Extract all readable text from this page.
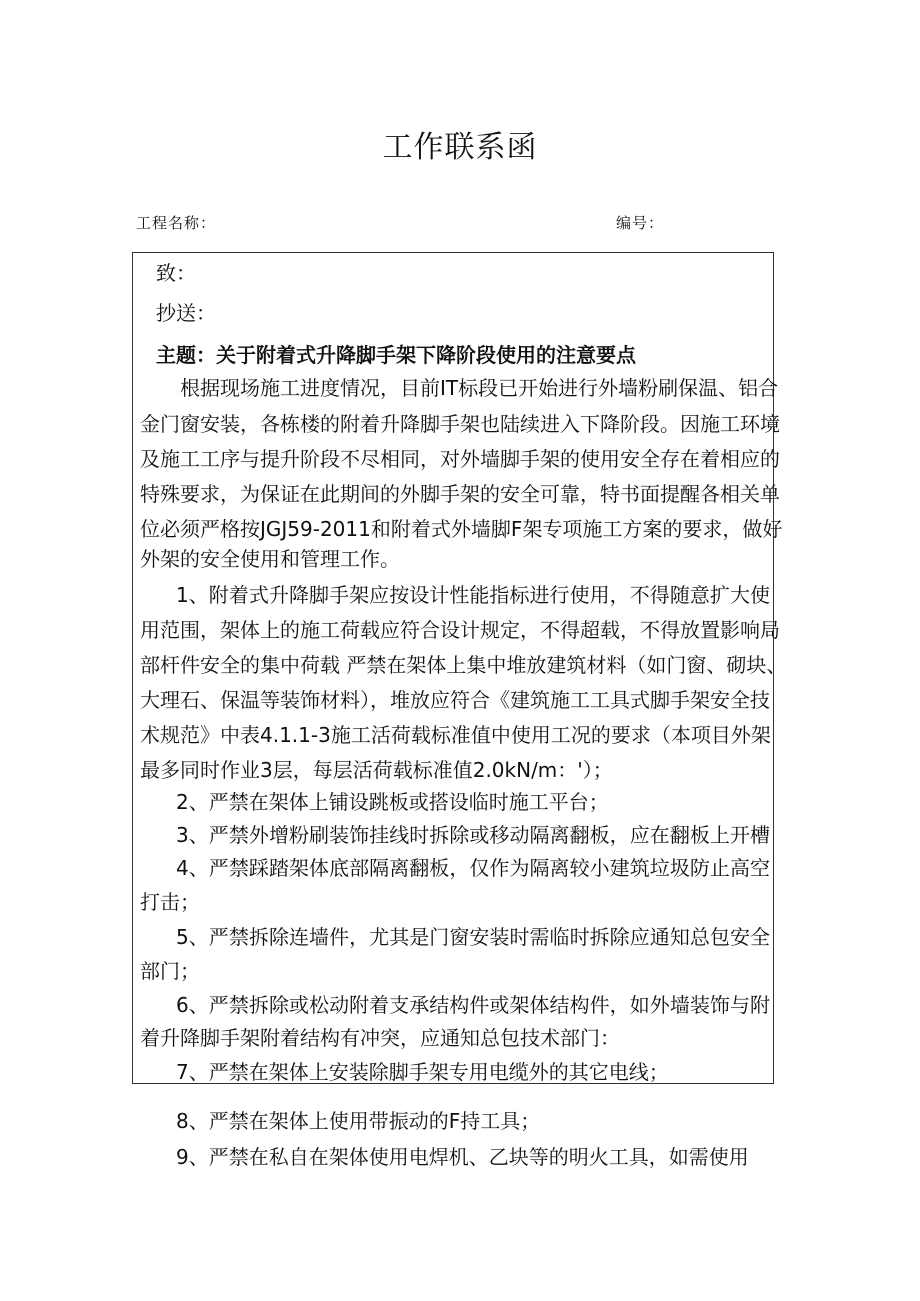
工作联系函
工程名称：	编号：
致：
抄送：
主题：关于附着式升降脚手架下降阶段使用的注意要点
根据现场施工进度情况，目前IT标段已开始进行外墙粉刷保温、铝合
金门窗安装，各栋楼的附着升降脚手架也陆续进入下降阶段。因施工环境
及施工工序与提升阶段不尽相同，对外墙脚手架的使用安全存在着相应的
特殊要求，为保证在此期间的外脚手架的安全可靠，特书面提醒各相关单
位必须严格按JGJ59-2011和附着式外墙脚F架专项施工方案的要求，做好
外架的安全使用和管理工作。
1、附着式升降脚手架应按设计性能指标进行使用，不得随意扩大使
用范围，架体上的施工荷载应符合设计规定，不得超载，不得放置影响局
部杆件安全的集中荷载 严禁在架体上集中堆放建筑材料（如门窗、砌块、
大理石、保温等装饰材料），堆放应符合《建筑施工工具式脚手架安全技
术规范》中表4.1.1-3施工活荷载标准值中使用工况的要求（本项目外架
最多同时作业3层，每层活荷载标准值2.0kN/m：'）；
2、严禁在架体上铺设跳板或搭设临时施工平台；
3、严禁外增粉刷装饰挂线时拆除或移动隔离翻板，应在翻板上开槽
4、严禁踩踏架体底部隔离翻板，仅作为隔离较小建筑垃圾防止高空
打击；
5、严禁拆除连墙件，尤其是门窗安装时需临时拆除应通知总包安全
部门；
6、严禁拆除或松动附着支承结构件或架体结构件，如外墙装饰与附
着升降脚手架附着结构有冲突，应通知总包技术部门：
7、严禁在架体上安装除脚手架专用电缆外的其它电线；
8、严禁在架体上使用带振动的F持工具；
9、严禁在私自在架体使用电焊机、乙块等的明火工具，如需使用
